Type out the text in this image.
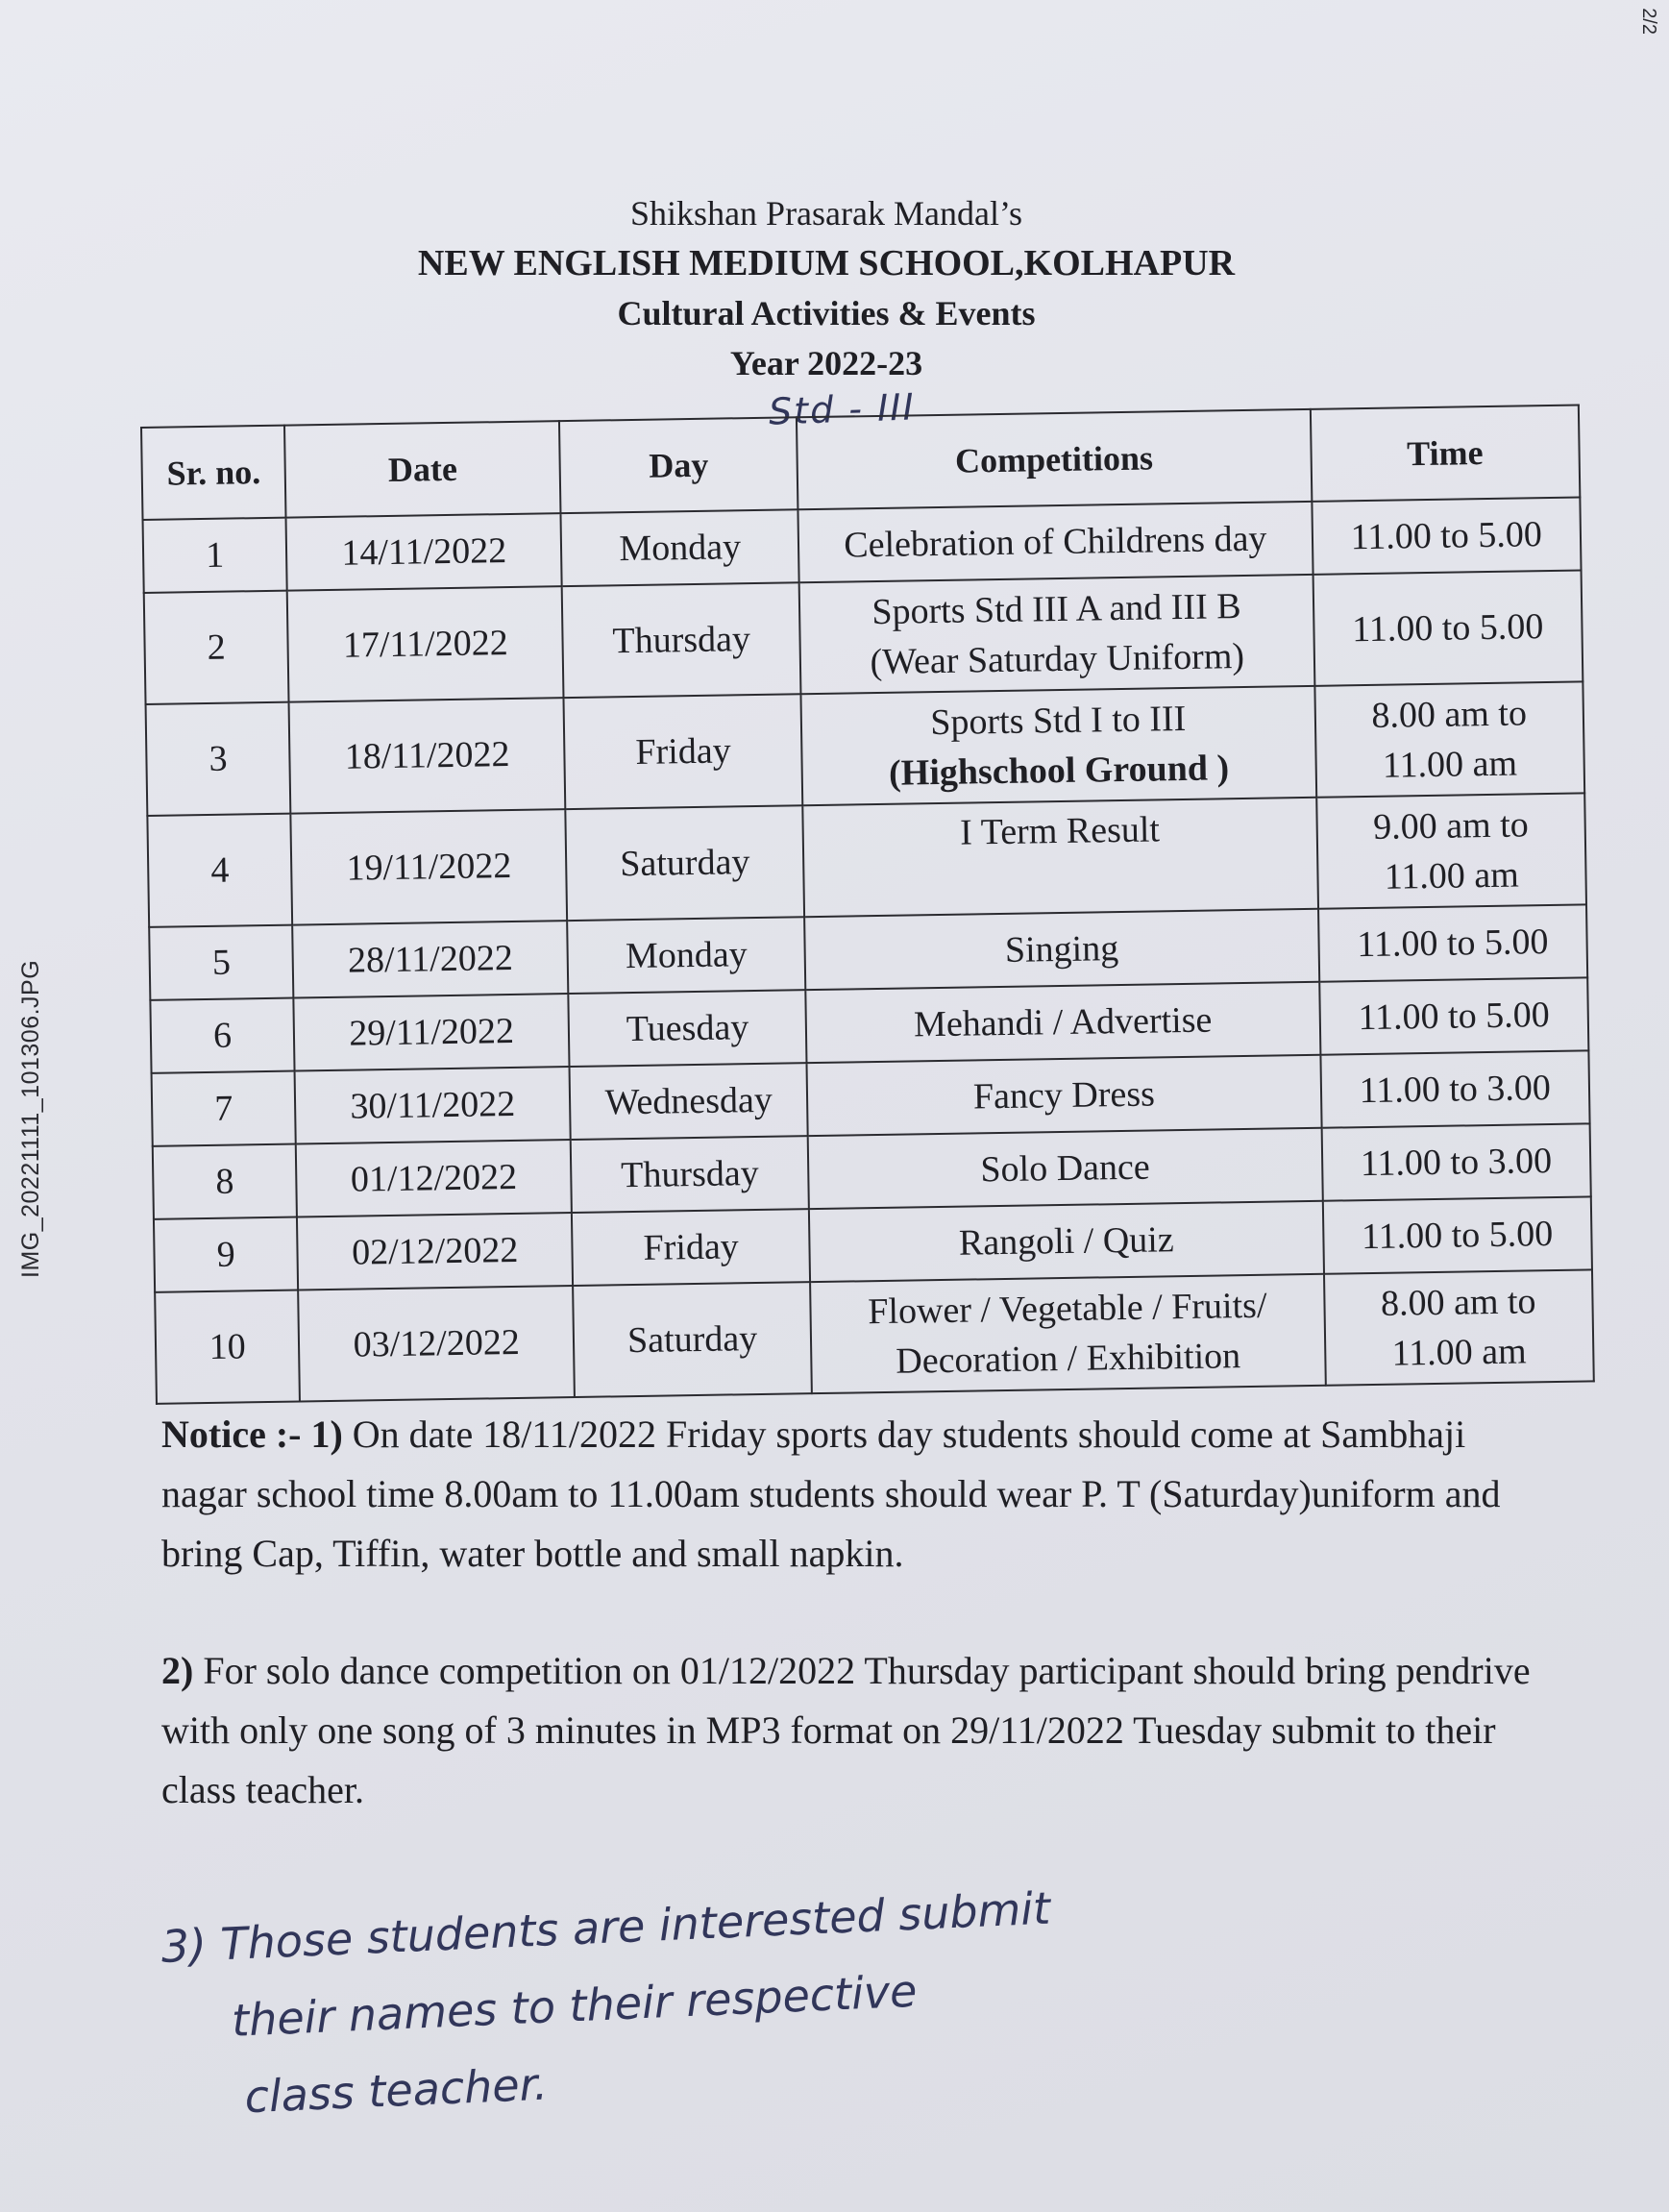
IMG_20221111_101306.JPG
2/2
Shikshan Prasarak Mandal’s
NEW ENGLISH MEDIUM SCHOOL,KOLHAPUR
Cultural Activities & Events
Year 2022-23
Std - III
Sr. no.	Date	Day	Competitions	Time
1	14/11/2022	Monday	Celebration of Childrens day	11.00 to 5.00

2	17/11/2022	Thursday	Sports Std III A and III B
(Wear Saturday Uniform)	11.00 to 5.00

3	18/11/2022	Friday	Sports Std I to III
(Highschool Ground )	8.00 am to
11.00 am

4	19/11/2022	Saturday	I Term Result	9.00 am to
11.00 am

5	28/11/2022	Monday	Singing	11.00 to 5.00

6	29/11/2022	Tuesday	Mehandi / Advertise	11.00 to 5.00

7	30/11/2022	Wednesday	Fancy Dress	11.00 to 3.00

8	01/12/2022	Thursday	Solo Dance	11.00 to 3.00

9	02/12/2022	Friday	Rangoli / Quiz	11.00 to 5.00

10	03/12/2022	Saturday	Flower / Vegetable / Fruits/
Decoration / Exhibition	8.00 am to
11.00 am

Notice :- 1) On date 18/11/2022 Friday sports day students should come at Sambhaji nagar school time 8.00am to 11.00am students should wear P. T (Saturday)uniform and bring Cap, Tiffin, water bottle and small napkin.

2) For solo dance competition on 01/12/2022 Thursday participant should bring pendrive with only one song of 3 minutes in MP3 format on 29/11/2022 Tuesday submit to their class teacher.

3) Those students are interested submit
their names to their respective
class teacher.
